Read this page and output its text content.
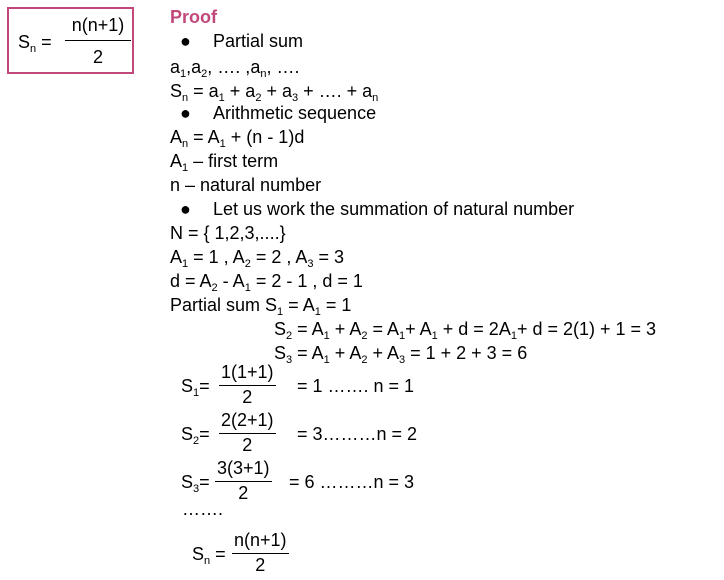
$S_n = \frac{n(n+1)}{2}$ Proof
● Partial sum
$a_1,a_2$, …. $,a_n$, ….
$S_n = a_1 + a_2 + a_3$ + …. + $a_n$
● Arithmetic sequence
$A_n = A_1 + (n - 1)d$
$A_1$ – first term
n – natural number
● Let us work the summation of natural number
N = { 1,2,3,....}
$A_1 = 1$ , $A_2 = 2$ , $A_3 = 3$
$d = A_2 - A_1 = 2 - 1$ , d = 1
Partial sum $S_1 = A_1 = 1$
$S_2 = A_1 + A_2 = A_1+ A_1 + d = 2A_1+ d = 2(1) + 1 = 3$
$S_3 = A_1 + A_2 + A_3 = 1 + 2 + 3 = 6$
$S_1=$
1(1+1)
2
= 1 ……. n = 1
$S_2=$
2(2+1)
2
= 3………n = 2
$S_3=$
3(3+1)
2
= 6 ………n = 3
…….
$S_n$ =
n(n+1)
2
